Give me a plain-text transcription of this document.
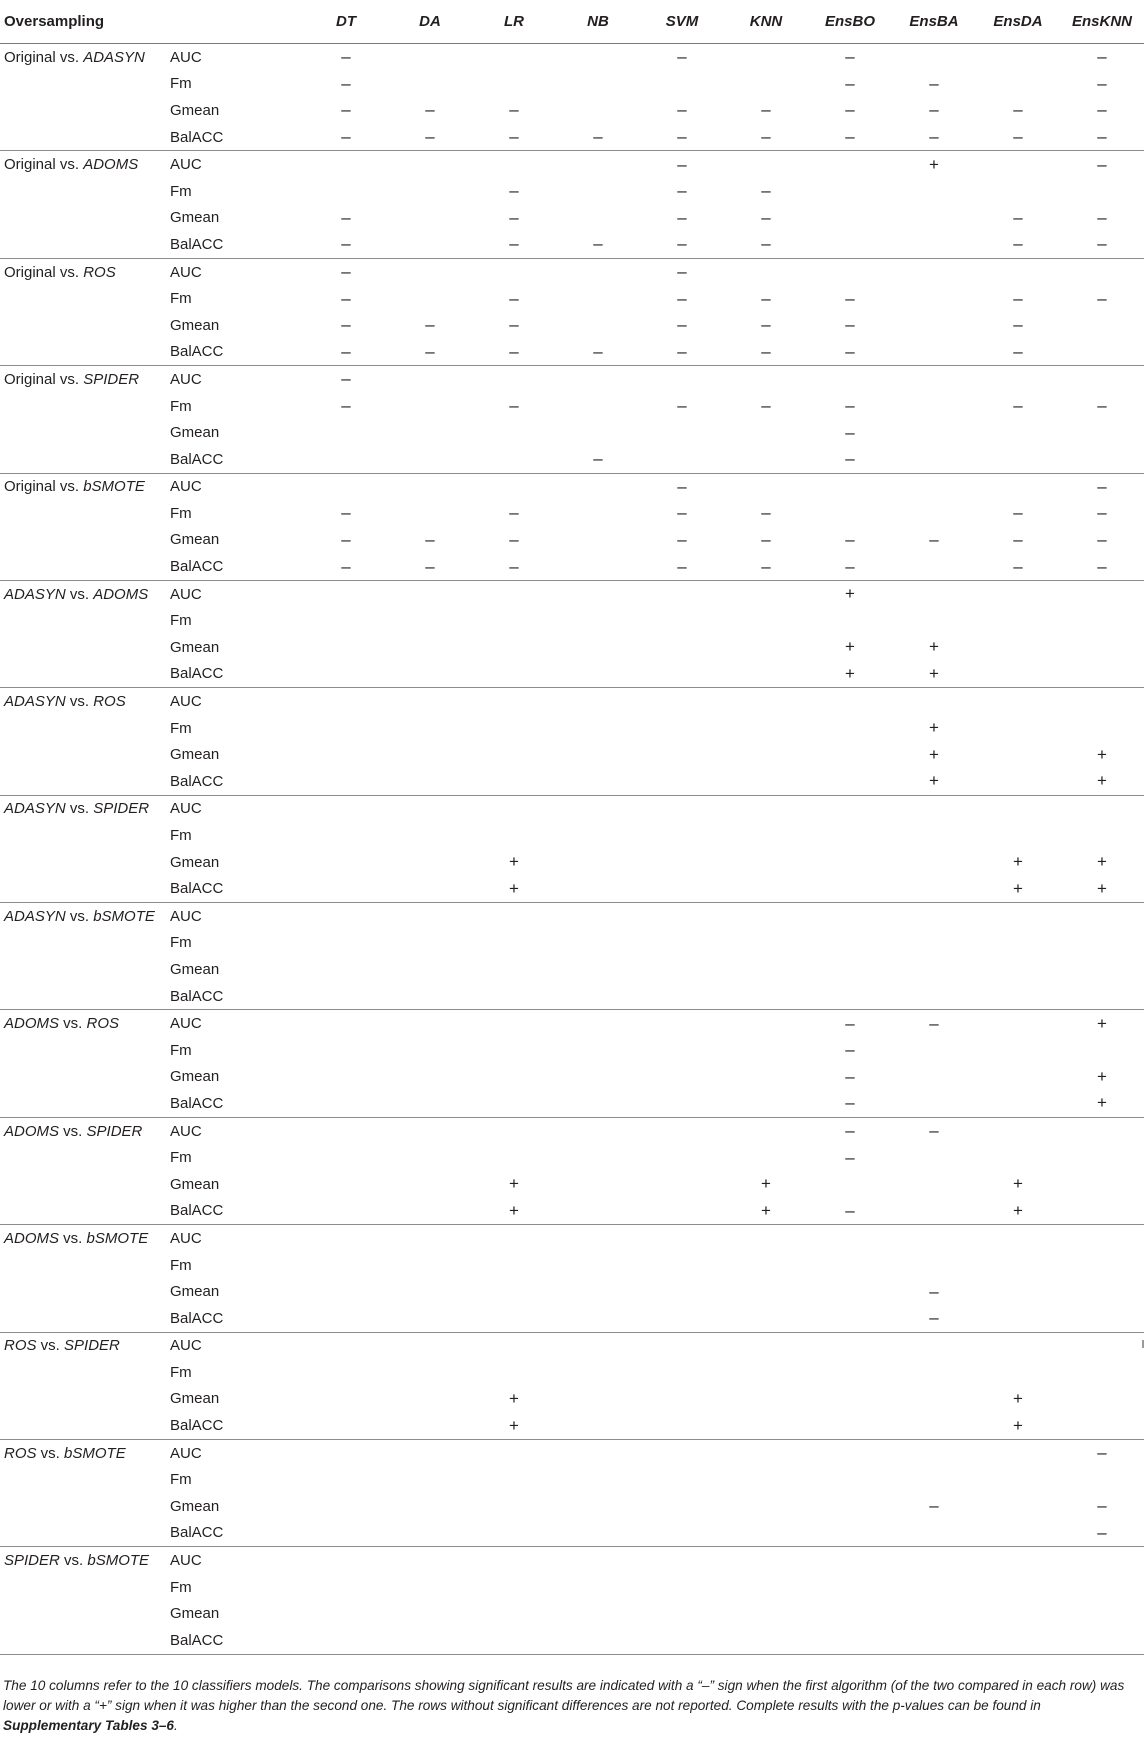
Oversampling		DT	DA	LR	NB	SVM	KNN	EnsBO	EnsBA	EnsDA	EnsKNN
Original vs. ADASYN	AUC	–				–		–			–
	Fm	–						–	–		–
	Gmean	–	–	–		–	–	–	–	–	–
	BalACC	–	–	–	–	–	–	–	–	–	–
Original vs. ADOMS	AUC					–			+		–
	Fm			–		–	–				
	Gmean	–		–		–	–			–	–
	BalACC	–		–	–	–	–			–	–
Original vs. ROS	AUC	–				–					
	Fm	–		–		–	–	–		–	–
	Gmean	–	–	–		–	–	–		–	
	BalACC	–	–	–	–	–	–	–		–	
Original vs. SPIDER	AUC	–									
	Fm	–		–		–	–	–		–	–
	Gmean							–			
	BalACC				–			–			
Original vs. bSMOTE	AUC					–					–
	Fm	–		–		–	–			–	–
	Gmean	–	–	–		–	–	–	–	–	–
	BalACC	–	–	–		–	–	–		–	–
ADASYN vs. ADOMS	AUC							+			
	Fm										
	Gmean							+	+		
	BalACC							+	+		
ADASYN vs. ROS	AUC										
	Fm								+		
	Gmean								+		+
	BalACC								+		+
ADASYN vs. SPIDER	AUC										
	Fm										
	Gmean			+						+	+
	BalACC			+						+	+
ADASYN vs. bSMOTE	AUC										
	Fm										
	Gmean										
	BalACC										
ADOMS vs. ROS	AUC							–	–		+
	Fm							–			
	Gmean							–			+
	BalACC							–			+
ADOMS vs. SPIDER	AUC							–	–		
	Fm							–			
	Gmean			+			+			+	
	BalACC			+			+	–		+	
ADOMS vs. bSMOTE	AUC										
	Fm										
	Gmean								–		
	BalACC								–		
ROS vs. SPIDER	AUC										
	Fm										
	Gmean			+						+	
	BalACC			+						+	
ROS vs. bSMOTE	AUC										–
	Fm										
	Gmean								–		–
	BalACC										–
SPIDER vs. bSMOTE	AUC										
	Fm										
	Gmean										
	BalACC										
The 10 columns refer to the 10 classifiers models. The comparisons showing significant results are indicated with a “–” sign when the first algorithm (of the two compared in each row) was lower or with a “+” sign when it was higher than the second one. The rows without significant differences are not reported. Complete results with the p-values can be found in Supplementary Tables 3–6.
